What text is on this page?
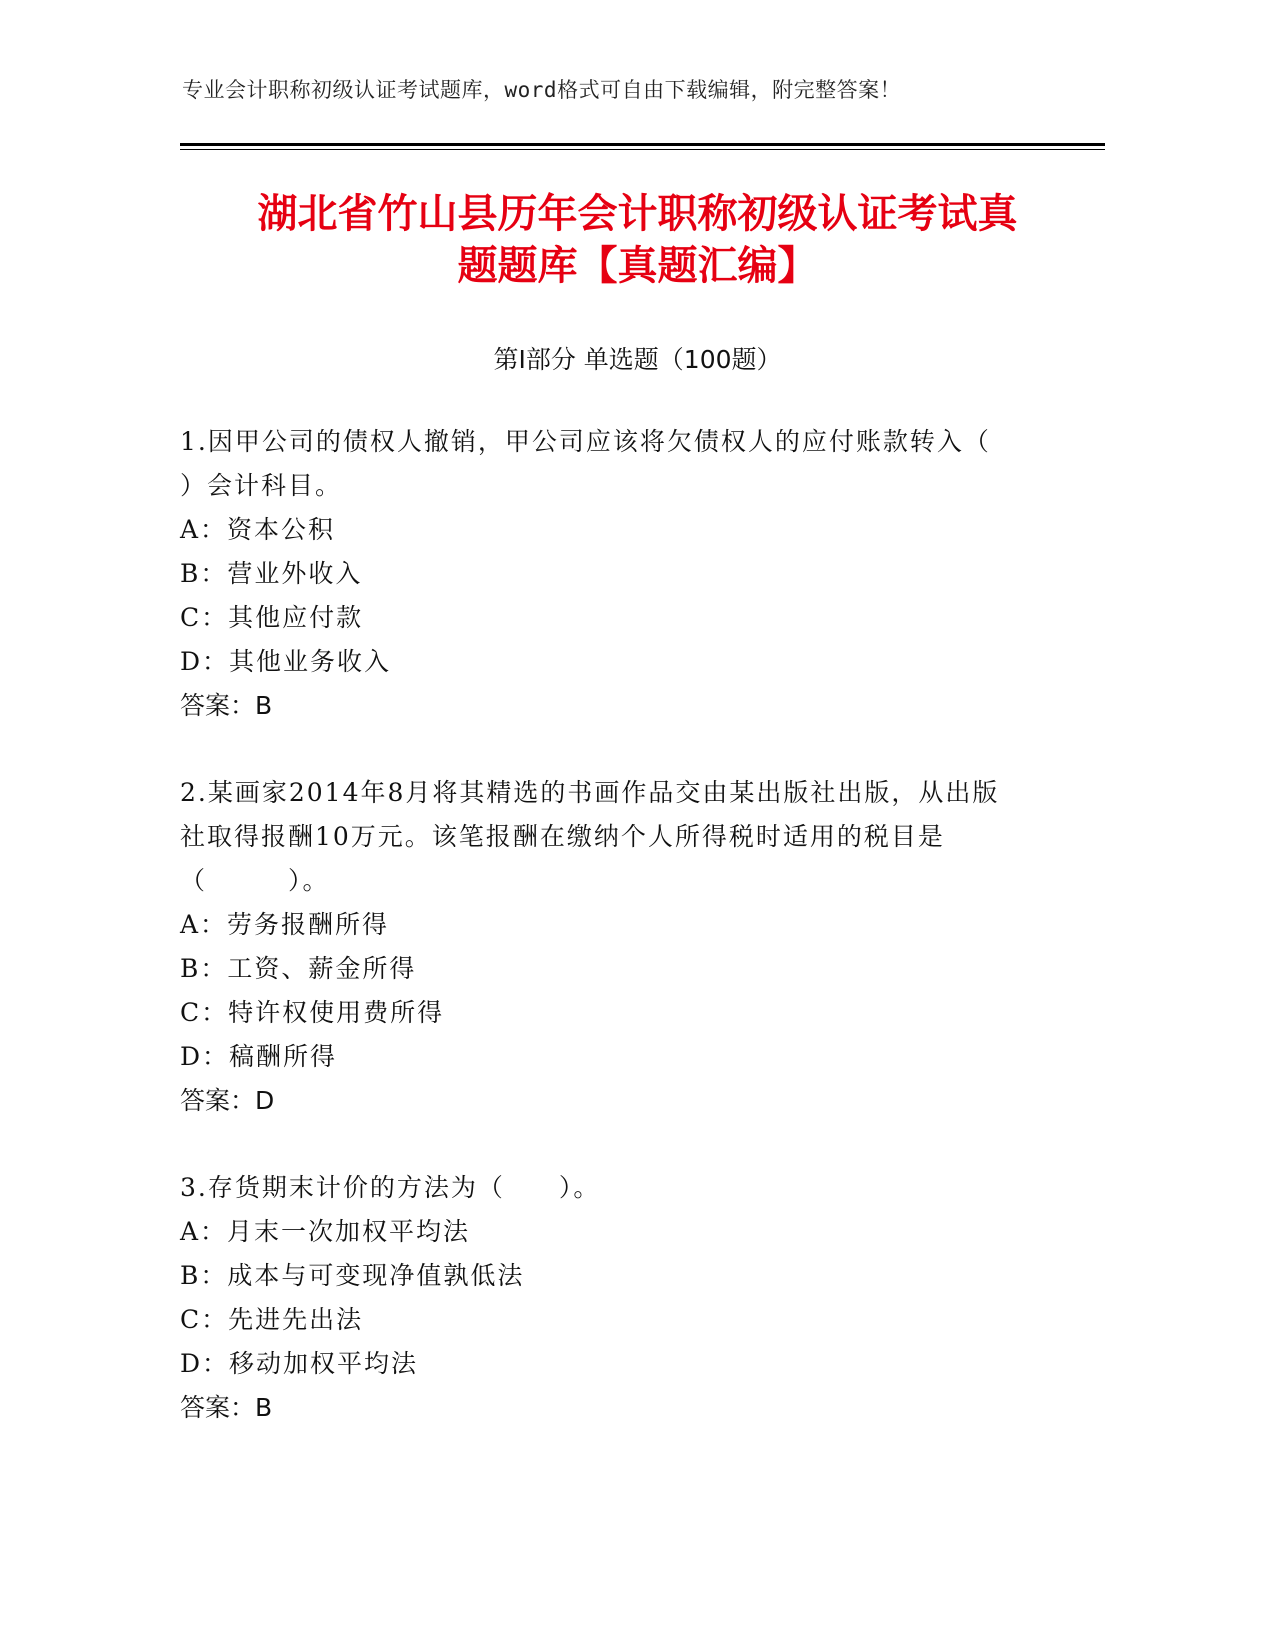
专业会计职称初级认证考试题库，word格式可自由下载编辑，附完整答案！
湖北省竹山县历年会计职称初级认证考试真
题题库【真题汇编】
第Ⅰ部分 单选题（100题）

1.因甲公司的债权人撤销，甲公司应该将欠债权人的应付账款转入（

）会计科目。

A：资本公积

B：营业外收入

C：其他应付款

D：其他业务收入

答案：B

2.某画家2014年8月将其精选的书画作品交由某出版社出版，从出版

社取得报酬10万元。该笔报酬在缴纳个人所得税时适用的税目是

（　　　）。

A：劳务报酬所得

B：工资、薪金所得

C：特许权使用费所得

D：稿酬所得

答案：D

3.存货期末计价的方法为（　　）。

A：月末一次加权平均法

B：成本与可变现净值孰低法

C：先进先出法

D：移动加权平均法

答案：B
